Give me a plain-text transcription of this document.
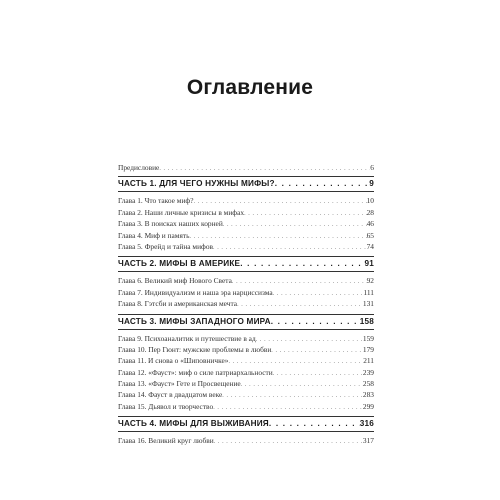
Оглавление
Предисловие . . .	6
ЧАСТЬ 1. ДЛЯ ЧЕГО НУЖНЫ МИФЫ? . . .	9
Глава 1. Что такое миф? . . .	10
Глава 2. Наши личные кризисы в мифах . . .	28
Глава 3. В поисках наших корней . . .	46
Глава 4. Миф и память . . .	65
Глава 5. Фрейд и тайна мифов . . .	74
ЧАСТЬ 2. МИФЫ В АМЕРИКЕ . . .	91
Глава 6. Великий миф Нового Света . . .	92
Глава 7. Индивидуализм и наша эра нарциссизма . . .	111
Глава 8. Гэтсби и американская мечта . . .	131
ЧАСТЬ 3. МИФЫ ЗАПАДНОГО МИРА . . .	158
Глава 9. Психоаналитик и путешествие в ад . . .	159
Глава 10. Пер Гюнт: мужские проблемы в любви . . .	179
Глава 11. И снова о «Шиповничке» . . .	211
Глава 12. «Фауст»: миф о силе патриархальности . . .	239
Глава 13. «Фауст» Гете и Просвещение . . .	258
Глава 14. Фауст в двадцатом веке . . .	283
Глава 15. Дьявол и творчество . . .	299
ЧАСТЬ 4. МИФЫ ДЛЯ ВЫЖИВАНИЯ . . .	316
Глава 16. Великий круг любви . . .	317
